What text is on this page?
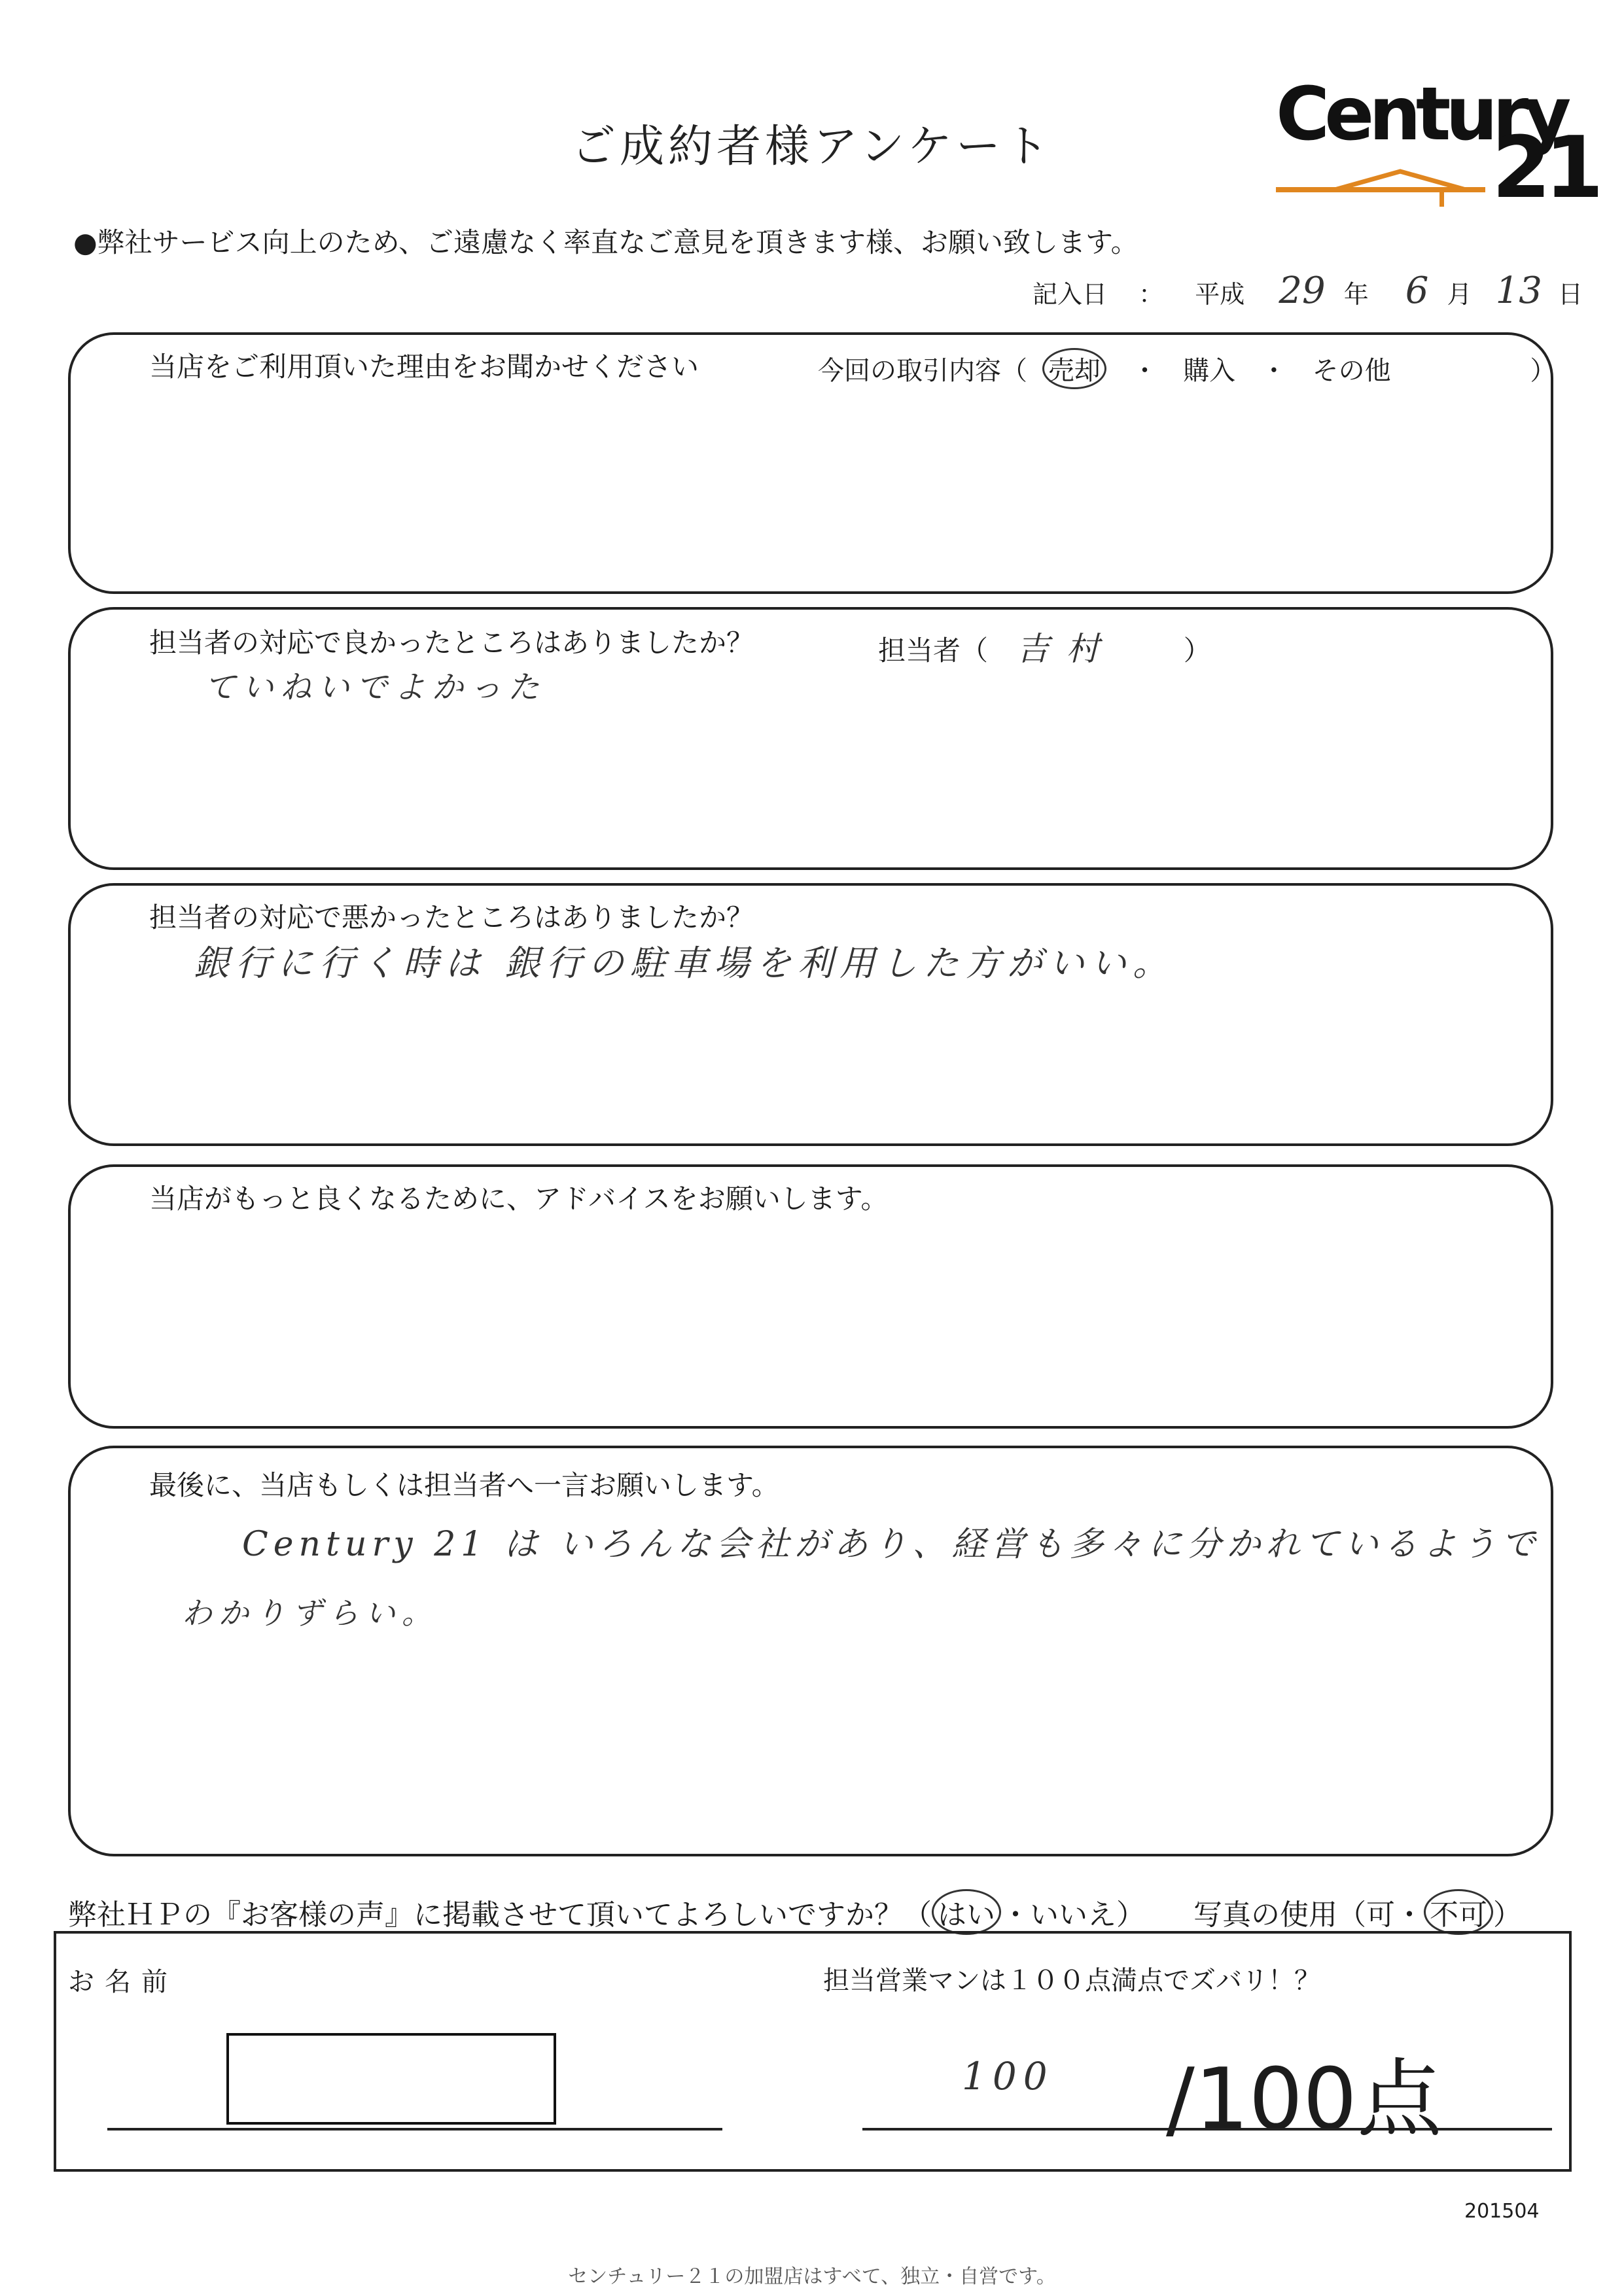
ご成約者様アンケート	Century
21
●弊社サービス向上のため、ご遠慮なく率直なご意見を頂きます様、お願い致します。
記入日 ： 平成 29 年 6 月 13 日
当店をご利用頂いた理由をお聞かせください	今回の取引内容（ 売却 ・ 購入 ・ その他	）
担当者の対応で良かったところはありましたか？	担当者（ 吉村 ）
ていねいでよかった
担当者の対応で悪かったところはありましたか？
銀行に行く時は 銀行の駐車場を利用した方がいい。
当店がもっと良くなるために、アドバイスをお願いします。
最後に、当店もしくは担当者へ一言お願いします。
Century 21 は いろんな会社があり、経営も多々に分かれているようで
わかりずらい。
弊社ＨＰの『お客様の声』に掲載させて頂いてよろしいですか？（ はい ・いいえ） 写真の使用（可・ 不可 ）
お名前	担当営業マンは１００点満点でズバリ！？
100 /100点
201504
センチュリー２１の加盟店はすべて、独立・自営です。
